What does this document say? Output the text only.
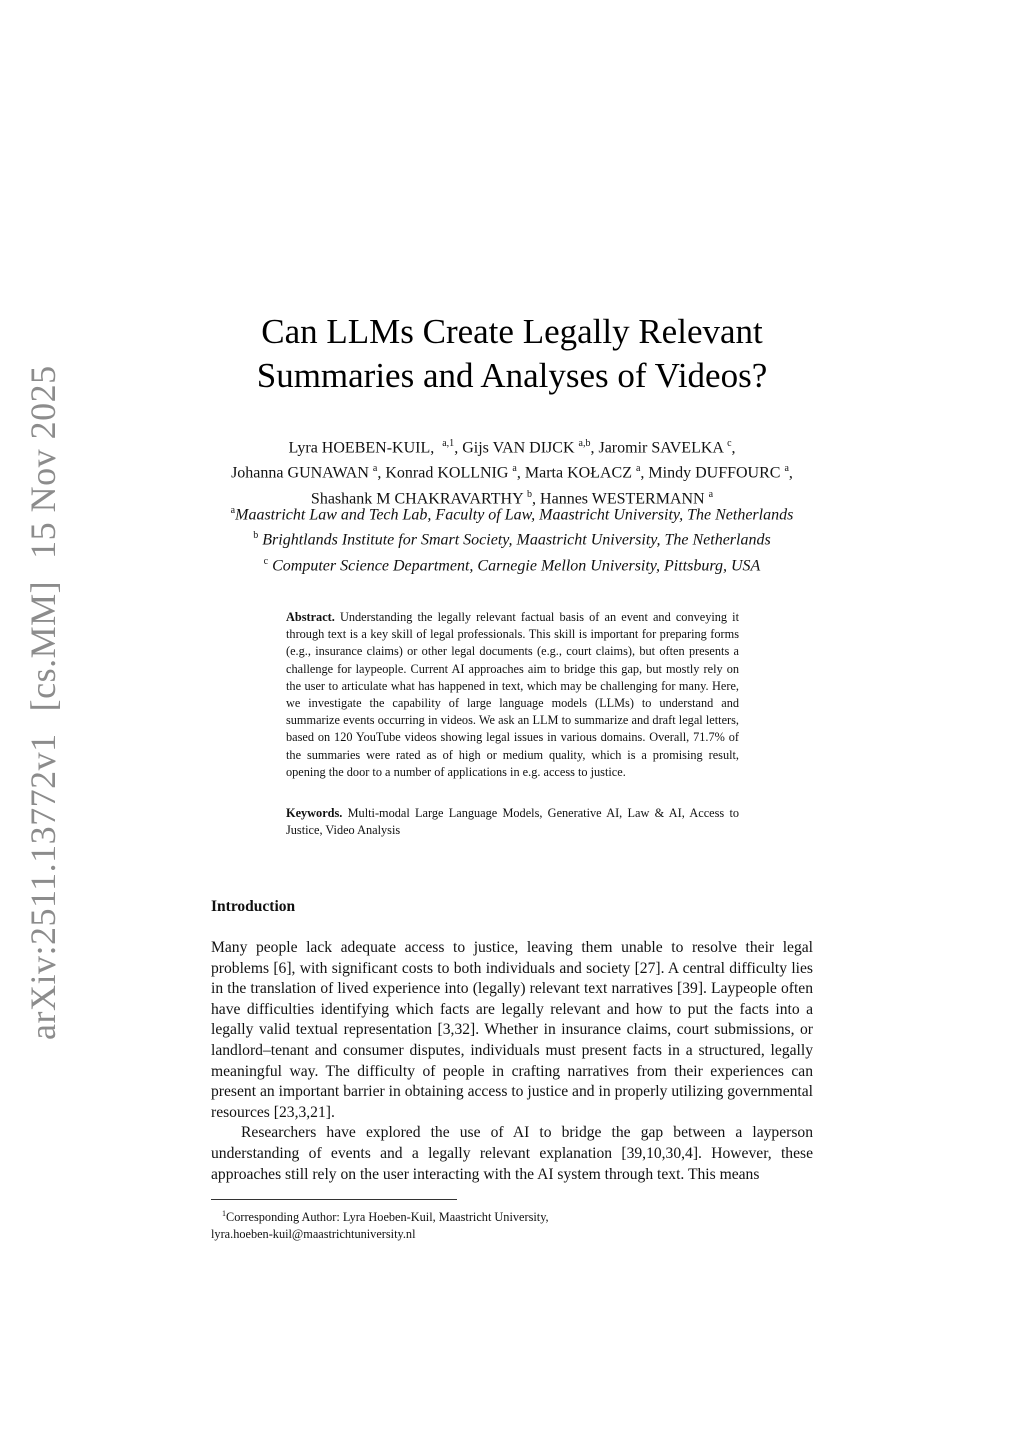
arXiv:2511.13772v1[cs.MM]15 Nov 2025
Can LLMs Create Legally Relevant
Summaries and Analyses of Videos?
Lyra HOEBEN-KUIL, $^{a,1}$, Gijs VAN DIJCK $^{a,b}$, Jaromir SAVELKA $^c$,
Johanna GUNAWAN $^a$, Konrad KOLLNIG $^a$, Marta KOŁACZ $^a$, Mindy DUFFOURC $^a$,
Shashank M CHAKRAVARTHY $^b$, Hannes WESTERMANN $^a$
$^a$Maastricht Law and Tech Lab, Faculty of Law, Maastricht University, The Netherlands
$^b$ Brightlands Institute for Smart Society, Maastricht University, The Netherlands
$^c$ Computer Science Department, Carnegie Mellon University, Pittsburg, USA
Abstract. Understanding the legally relevant factual basis of an event and conveying it through text is a key skill of legal professionals. This skill is important for preparing forms (e.g., insurance claims) or other legal documents (e.g., court claims), but often presents a challenge for laypeople. Current AI approaches aim to bridge this gap, but mostly rely on the user to articulate what has happened in text, which may be challenging for many. Here, we investigate the capability of large language models (LLMs) to understand and summarize events occurring in videos. We ask an LLM to summarize and draft legal letters, based on 120 YouTube videos showing legal issues in various domains. Overall, 71.7% of the summaries were rated as of high or medium quality, which is a promising result, opening the door to a number of applications in e.g. access to justice.
Keywords. Multi-modal Large Language Models, Generative AI, Law & AI, Access to Justice, Video Analysis
Introduction

Many people lack adequate access to justice, leaving them unable to resolve their legal problems [6], with significant costs to both individuals and society [27]. A central difficulty lies in the translation of lived experience into (legally) relevant text narratives [39]. Laypeople often have difficulties identifying which facts are legally relevant and how to put the facts into a legally valid textual representation [3,32]. Whether in insurance claims, court submissions, or landlord–tenant and consumer disputes, individuals must present facts in a structured, legally meaningful way. The difficulty of people in crafting narratives from their experiences can present an important barrier in obtaining access to justice and in properly utilizing governmental resources [23,3,21].

Researchers have explored the use of AI to bridge the gap between a layperson understanding of events and a legally relevant explanation [39,10,30,4]. However, these approaches still rely on the user interacting with the AI system through text. This means

$^1$Corresponding Author: Lyra Hoeben-Kuil, Maastricht University,
lyra.hoeben-kuil@maastrichtuniversity.nl
